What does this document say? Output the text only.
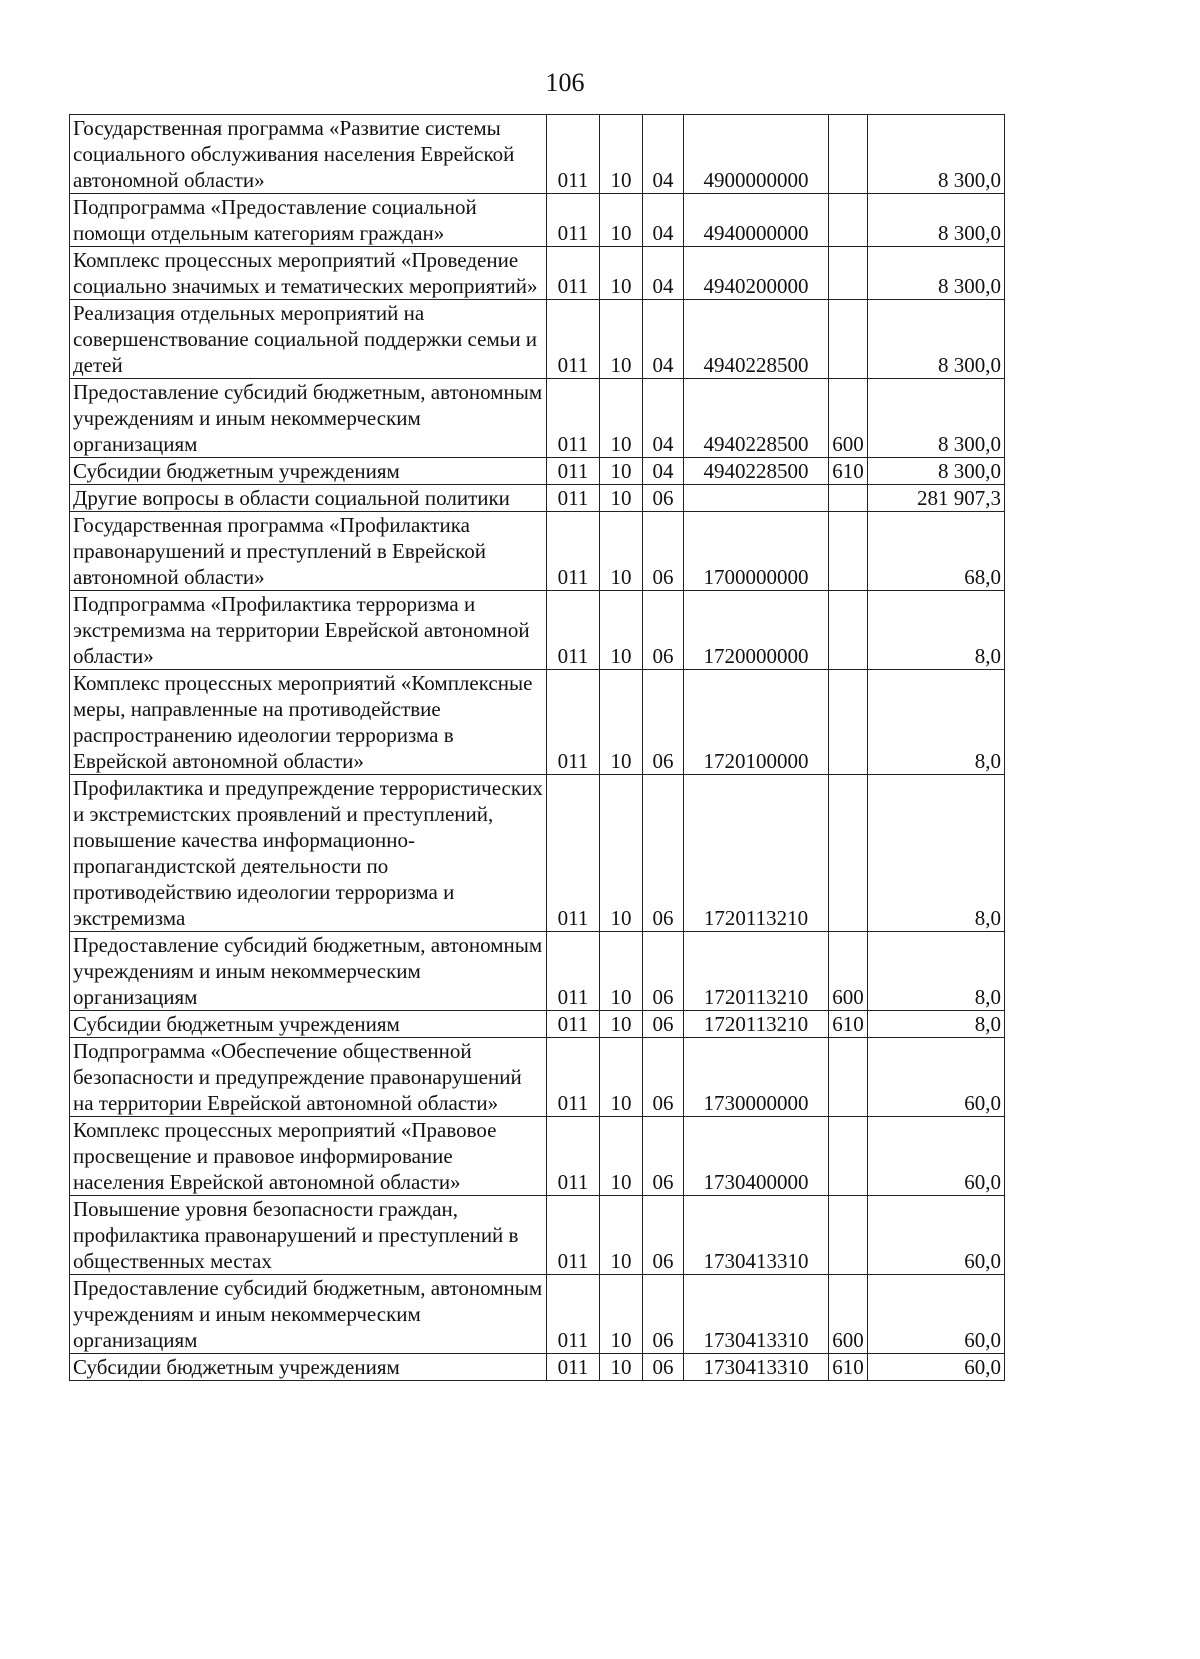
106
Государственная программа «Развитие системы социального обслуживания населения Еврейской автономной области»	011	10	04	4900000000		8 300,0
Подпрограмма «Предоставление социальной помощи отдельным категориям граждан»	011	10	04	4940000000		8 300,0
Комплекс процессных мероприятий «Проведение социально значимых и тематических мероприятий»	011	10	04	4940200000		8 300,0
Реализация отдельных мероприятий на совершенствование социальной поддержки семьи и детей	011	10	04	4940228500		8 300,0
Предоставление субсидий бюджетным, автономным учреждениям и иным некоммерческим организациям	011	10	04	4940228500	600	8 300,0
Субсидии бюджетным учреждениям	011	10	04	4940228500	610	8 300,0
Другие вопросы в области социальной политики	011	10	06			281 907,3
Государственная программа «Профилактика правонарушений и преступлений в Еврейской автономной области»	011	10	06	1700000000		68,0
Подпрограмма «Профилактика терроризма и экстремизма на территории Еврейской автономной области»	011	10	06	1720000000		8,0
Комплекс процессных мероприятий «Комплексные меры, направленные на противодействие распространению идеологии терроризма в Еврейской автономной области»	011	10	06	1720100000		8,0
Профилактика и предупреждение террористических и экстремистских проявлений и преступлений, повышение качества информационно-пропагандистской деятельности по противодействию идеологии терроризма и экстремизма	011	10	06	1720113210		8,0
Предоставление субсидий бюджетным, автономным учреждениям и иным некоммерческим организациям	011	10	06	1720113210	600	8,0
Субсидии бюджетным учреждениям	011	10	06	1720113210	610	8,0
Подпрограмма «Обеспечение общественной безопасности и предупреждение правонарушений на территории Еврейской автономной области»	011	10	06	1730000000		60,0
Комплекс процессных мероприятий «Правовое просвещение и правовое информирование населения Еврейской автономной области»	011	10	06	1730400000		60,0
Повышение уровня безопасности граждан, профилактика правонарушений и преступлений в общественных местах	011	10	06	1730413310		60,0
Предоставление субсидий бюджетным, автономным учреждениям и иным некоммерческим организациям	011	10	06	1730413310	600	60,0
Субсидии бюджетным учреждениям	011	10	06	1730413310	610	60,0
